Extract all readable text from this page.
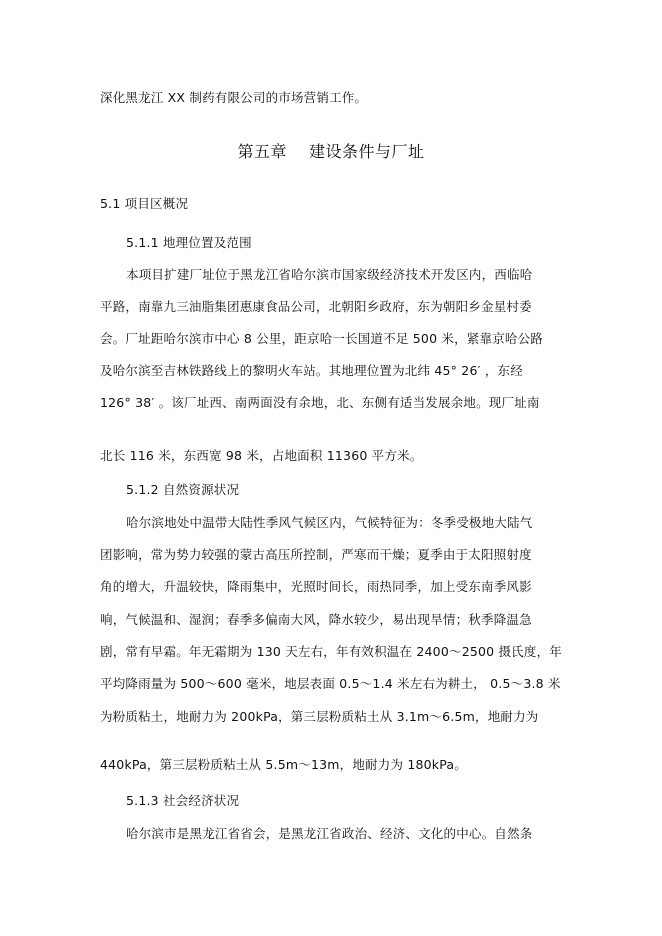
深化黑龙江 XX 制药有限公司的市场营销工作。
第五章 建设条件与厂址
5.1 项目区概况
5.1.1 地理位置及范围
本项目扩建厂址位于黑龙江省哈尔滨市国家级经济技术开发区内，西临哈
平路，南靠九三油脂集团惠康食品公司，北朝阳乡政府，东为朝阳乡金星村委
会。厂址距哈尔滨市中心 8 公里，距京哈一长国道不足 500 米，紧靠京哈公路
及哈尔滨至吉林铁路线上的黎明火车站。其地理位置为北纬 45° 26′ ，东经
126° 38′ 。该厂址西、南两面没有余地，北、东侧有适当发展余地。现厂址南
北长 116 米，东西宽 98 米，占地面积 11360 平方米。
5.1.2 自然资源状况
哈尔滨地处中温带大陆性季风气候区内，气候特征为：冬季受极地大陆气
团影响，常为势力较强的蒙古高压所控制，严寒而干燥；夏季由于太阳照射度
角的增大，升温较快，降雨集中，光照时间长，雨热同季，加上受东南季风影
响，气候温和、湿润；春季多偏南大风，降水较少，易出现旱情；秋季降温急
剧，常有早霜。年无霜期为 130 天左右，年有效积温在 2400～2500 摄氏度，年
平均降雨量为 500～600 毫米，地层表面 0.5～1.4 米左右为耕土， 0.5～3.8 米
为粉质粘土，地耐力为 200kPa，第三层粉质粘土从 3.1m～6.5m，地耐力为
440kPa，第三层粉质粘土从 5.5m～13m，地耐力为 180kPa。
5.1.3 社会经济状况
哈尔滨市是黑龙江省省会，是黑龙江省政治、经济、文化的中心。自然条
